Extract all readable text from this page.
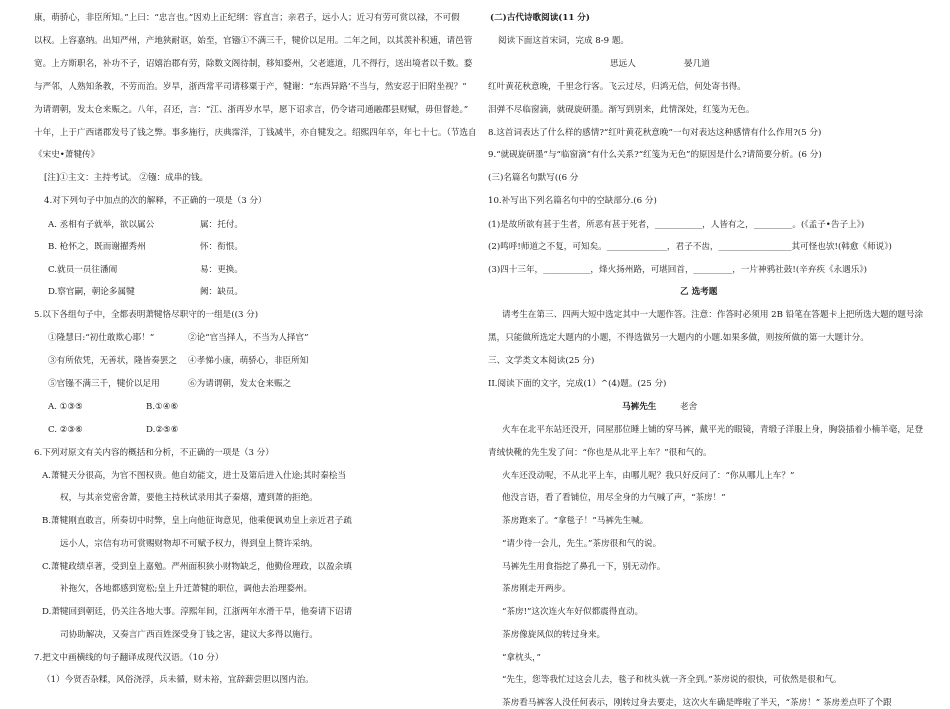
康，萌骄心，非臣所知。”上曰：“忠言也。”因劝上正纪纲：容直言；亲君子，远小人；近习有劳可赏以禄，不可假
以权。上容嘉纳。出知严州，产地狭耐讴，始至，官镪①不满三千，犍价以足用。二年之间，以其羡补积逋，请邑管
宽。上方斯职名，补功不子，诏嬉治郡有劳，除数文阁待制，移知婺州，父老遮道，几不得行，送出境者以千数。婺
与严邻，人熟知条教，不劳而治。岁旱，浙西常平司请移粟于产，犍谢：“东西异路‘不当与，然安忍于旧附坐视？”
为请谓朝，发太仓来赈之。八年，召还，言：“江、浙再岁水旱，愿下诏求言，仍令诸司通融郡县财赋，毋但督趁。”
十年，上于广西诸郡发号了钱之弊。事多施行，庆典霈洋，丁钱减半，亦自犍发之。绍熙四年卒，年七十七。（节选自
《宋史•萧犍传》
[注]①主文：主持考试。 ②镪：成串的钱。
4.对下列句子中加点的次的解释，不正确的一项是（3 分）
A. 丞相有子就举，欲以属公	属：托付。
B. 枪怀之，既而谢擢秀州	怀：衔恨。
C.就员一员往潘闹	易：更换。
D.察官嗣，朝论多属犍	阙：缺员。
5.以下各组句子中，全都表明萧犍恪尽职守的一组是((3 分)
①隆慧曰:“初仕敢欺心耶！”	②论“官当择人，不当为人择官”
③有所依凭，无善状，隆皆奏罢之 ④孝悌小康，萌骄心，非臣所知
⑤官镪不满三千，犍价以足用	⑥为请谓朝，发太仓来赈之
A. ①③⑤	B.①④⑥
C. ②③⑥	D.②⑤⑥
6.下列对原文有关内容的概括和分析，不正确的一项是（3 分）
A.萧犍天分很高，为官不图权贵。他自幼能文，进士及第后进入仕途;其时秦桧当
权，与其亲党密舍萧，要他主持秋试录用其子秦熺，遭到萧的拒绝。
B.萧犍刚直敢言，所奏切中时弊，皇上向他征询意见，他乘便讽劝皇上亲近君子疏
远小人，宗信有功可赏赐财物却不可赋予权力，得到皇上赞许采纳。
C.萧犍政绩卓著，受到皇上嘉勉。严州面积狭小财物缺乏，他勤俭理政，以盈余填
补拖欠，各地都感到宽松;皇上升迁萧犍的职位，调他去治理婺州。
D.萧犍回到朝廷，仍关注各地大事。淳熙年间，江浙两年水滑干旱，他奏请下诏请
司协助解决，又奏言广西百姓深受身丁钱之害，建议大多得以施行。
7.把文中画横线的句子翻译成现代汉语。（10 分）
（1）今贤否杂糅，风俗浇浮，兵未循，财未裕，宜辞薪尝胆以图内治。
(二)古代诗歌阅读(11 分)
阅读下面这首宋词，完成 8-9 题。
思远人	晏几道
红叶黄花秋意晚，千里念行客。飞云过尽，归鸿无信，何处寄书得。
泪弹不尽临窗滴，就砚旋研墨。渐写到别来，此情深处，红笺为无色。
8.这首词表达了什么样的感情?“红叶黄花秋意晚”一句对表达这种感情有什么作用?(5 分)
9.“就砚旋研墨”与“临窗滴”有什么关系?“红笺为无色”的原因是什么?请简要分析。(6 分)
(三)名篇名句默写((6 分
10.补写出下列名篇名句中的空缺部分.(6 分)
(1)是故所欲有甚于生者，所恶有甚于死者，___________，人皆有之，_________。(《孟子•告子上》)
(2)鸣呼!师道之不复，可知矣。______________，君子不齿，_________________其可怪也欤!(韩愈《师说》)
(3)四十三年，___________，烽火扬州路，可堪回首，_________，一片神鸦社鼓!(辛弃疾《永遇乐》)
乙 选考题
请考生在第三、四两大短中选定其中一大题作答。注意：作答时必须用 2B 铅笔在答题卡上把所选大题的题号涂
黑，只能做所选定大题内的小题，不得选做另一大题内的小题.如果多做，则按所做的第一大题计分。
三、文学类文本阅读(25 分)
II.阅读下面的文字，完成(1）^(4)题。(25 分)
马裤先生	老舍
火车在北平东站还没开，同屋那位睡上铺的穿马裤，戴平光的眼镜，青缎子洋服上身，胸袋插着小楠羊毫，足登
青绒快靴的先生发了问：“你也是从北平上车？”很和气的。
火车还没动呢，不从北平上车，由哪儿呢？我只好反问了：“你从哪儿上车？”
他没言语，看了看铺位，用尽全身的力气喊了声，“茶房！”
茶房跑来了。“拿毯子！”马裤先生喊。
“请少待一会儿，先生。”茶房很和气的说。
马裤先生用食指挖了鼻孔一下，别无动作。
茶房刚走开两步。
“茶房!”这次连火车好似都震得直动。
茶房像旋风似的转过身来。
“拿枕头，”
“先生，您等我忙过这会儿去，毯子和枕头就一齐全到。”茶房说的很快，可依然是很和气。
茶房看马裤客人没任何表示，刚转过身去要走，这次火车确是哗啦了半天，“茶房！” 茶房差点吓了个跟
